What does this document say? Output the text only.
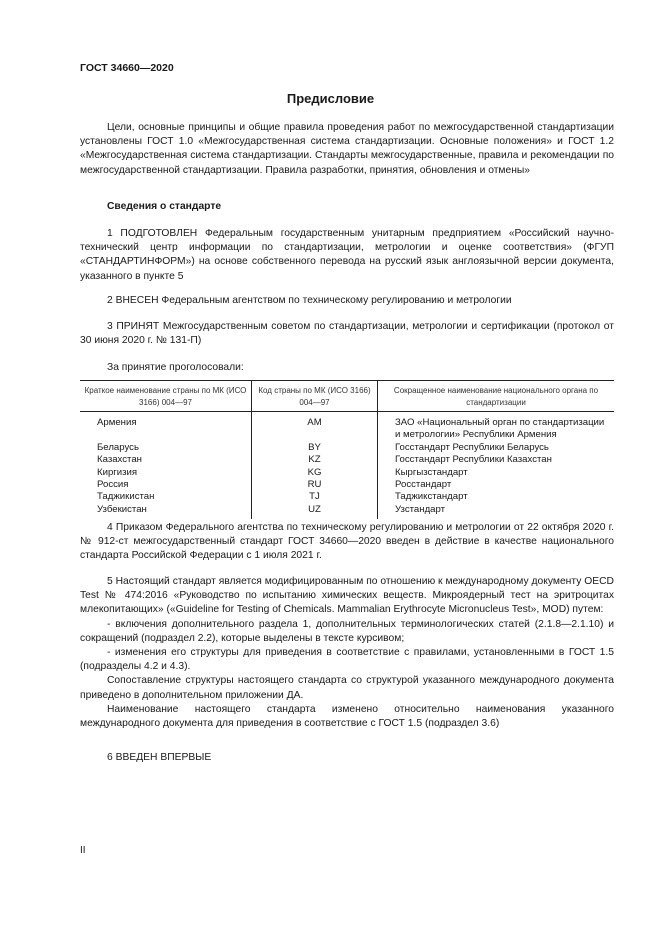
ГОСТ 34660—2020
Предисловие

Цели, основные принципы и общие правила проведения работ по межгосударственной стандартизации установлены ГОСТ 1.0 «Межгосударственная система стандартизации. Основные положения» и ГОСТ 1.2 «Межгосударственная система стандартизации. Стандарты межгосударственные, правила и рекомендации по межгосударственной стандартизации. Правила разработки, принятия, обновления и отмены»

Сведения о стандарте

1 ПОДГОТОВЛЕН Федеральным государственным унитарным предприятием «Российский научно-технический центр информации по стандартизации, метрологии и оценке соответствия» (ФГУП «СТАНДАРТИНФОРМ») на основе собственного перевода на русский язык англоязычной версии документа, указанного в пункте 5

2 ВНЕСЕН Федеральным агентством по техническому регулированию и метрологии

3 ПРИНЯТ Межгосударственным советом по стандартизации, метрологии и сертификации (протокол от 30 июня 2020 г. № 131-П)

За принятие проголосовали:
Краткое наименование страны по МК (ИСО 3166) 004—97	Код страны по МК (ИСО 3166) 004—97	Сокращенное наименование национального органа по стандартизации
Армения	AM	ЗАО «Национальный орган по стандартизации и метрологии» Республики Армения
Беларусь	BY	Госстандарт Республики Беларусь
Казахстан	KZ	Госстандарт Республики Казахстан
Киргизия	KG	Кыргызстандарт
Россия	RU	Росстандарт
Таджикистан	TJ	Таджикстандарт
Узбекистан	UZ	Узстандарт

4 Приказом Федерального агентства по техническому регулированию и метрологии от 22 октября 2020 г. № 912-ст межгосударственный стандарт ГОСТ 34660—2020 введен в действие в качестве национального стандарта Российской Федерации с 1 июля 2021 г.

5 Настоящий стандарт является модифицированным по отношению к международному документу OECD Test № 474:2016 «Руководство по испытанию химических веществ. Микроядерный тест на эритроцитах млекопитающих» («Guideline for Testing of Chemicals. Mammalian Erythrocyte Micronucleus Test», MOD) путем:

- включения дополнительного раздела 1, дополнительных терминологических статей (2.1.8—2.1.10) и сокращений (подраздел 2.2), которые выделены в тексте курсивом;

- изменения его структуры для приведения в соответствие с правилами, установленными в ГОСТ 1.5 (подразделы 4.2 и 4.3).

Сопоставление структуры настоящего стандарта со структурой указанного международного документа приведено в дополнительном приложении ДА.

Наименование настоящего стандарта изменено относительно наименования указанного международного документа для приведения в соответствие с ГОСТ 1.5 (подраздел 3.6)

6 ВВЕДЕН ВПЕРВЫЕ
II
